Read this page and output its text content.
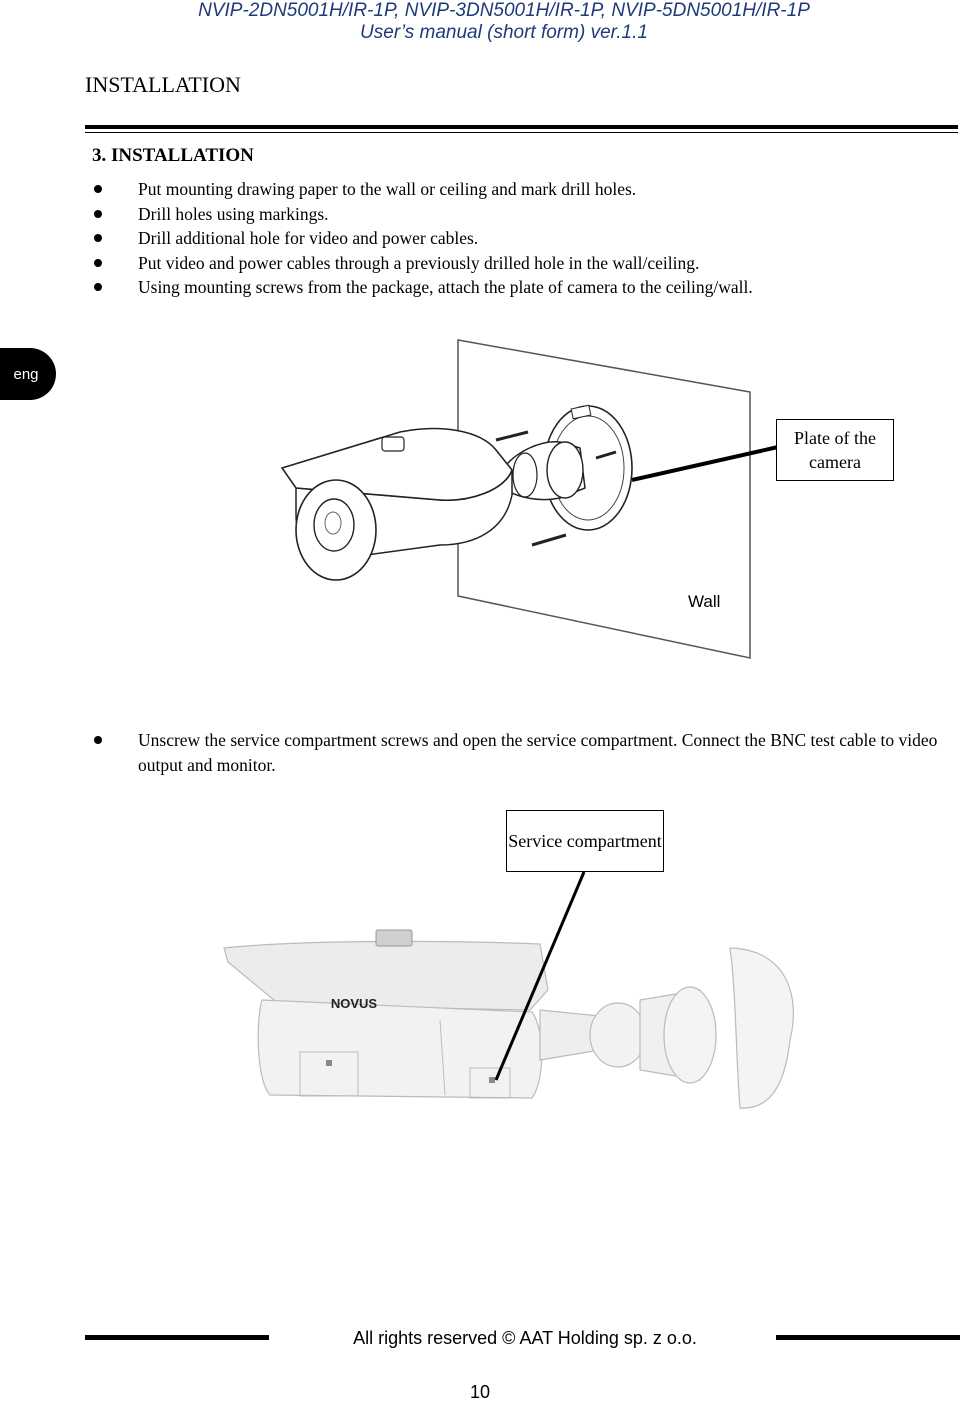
NVIP-2DN5001H/IR-1P, NVIP-3DN5001H/IR-1P, NVIP-5DN5001H/IR-1P
User’s manual (short form) ver.1.1
INSTALLATION
3. INSTALLATION
Put mounting drawing paper to the wall or ceiling and mark drill holes.
Drill holes using markings.
Drill additional hole for video and power cables.
Put video and power cables through a previously drilled hole in the wall/ceiling.
Using mounting screws from the package, attach the plate of camera to the ceiling/wall.
eng
Wall
Plate of the camera
Unscrew the service compartment screws and open the service compartment. Connect the BNC test cable to video output and monitor.
NOVUS
Service compartment
All rights reserved © AAT Holding sp. z o.o.
10
